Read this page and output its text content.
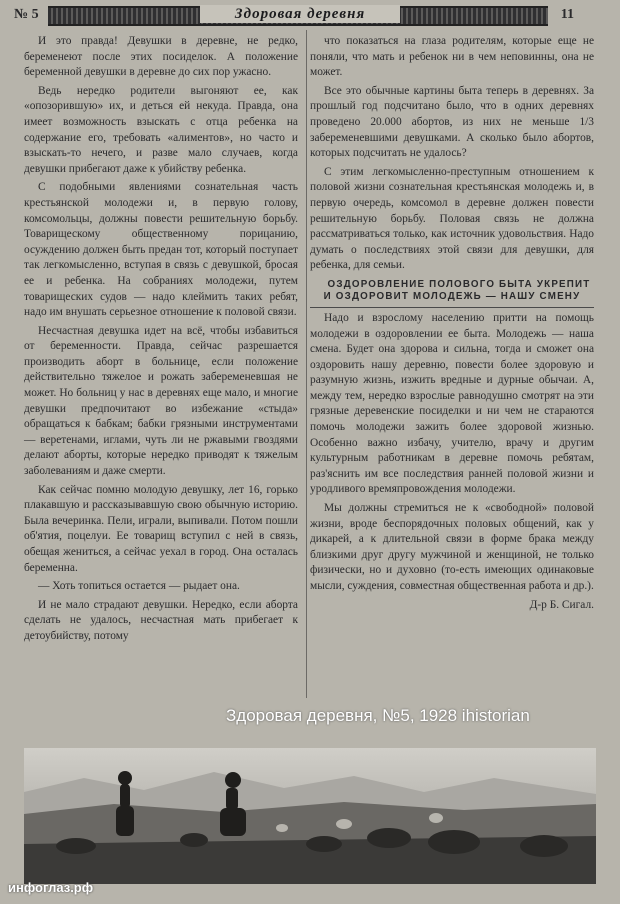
№ 5	Здоровая деревня	11

И это правда! Девушки в деревне, не редко, беременеют после этих посиделок. А положение беременной девушки в деревне до сих пор ужасно.

Ведь нередко родители выгоняют ее, как «опозорившую» их, и деться ей некуда. Правда, она имеет возможность взыскать с отца ребенка на содержание его, требовать «алиментов», но часто и взыскать-то нечего, и разве мало случаев, когда девушки прибегают даже к убийству ребенка.

С подобными явлениями сознательная часть крестьянской молодежи и, в первую голову, комсомольцы, должны повести решительную борьбу. Товарищескому общественному порицанию, осуждению должен быть предан тот, который поступает так легкомысленно, вступая в связь с девушкой, бросая ее и ребенка. На собраниях молодежи, путем товарищеских судов — надо клеймить таких ребят, надо им внушать серьезное отношение к половой связи.

Несчастная девушка идет на всё, чтобы избавиться от беременности. Правда, сейчас разрешается производить аборт в больнице, если положение действительно тяжелое и рожать забеременевшая не может. Но больниц у нас в деревнях еще мало, и многие девушки предпочитают во избежание «стыда» обращаться к бабкам; бабки грязными инструментами — веретенами, иглами, чуть ли не ржавыми гвоздями делают аборты, которые нередко приводят к тяжелым заболеваниям и даже смерти.

Как сейчас помню молодую девушку, лет 16, горько плакавшую и рассказывавшую свою обычную историю. Была вечеринка. Пели, играли, выпивали. Потом пошли об'ятия, поцелуи. Ее товарищ вступил с ней в связь, обещая жениться, а сейчас уехал в город. Она осталась беременна.

— Хоть топиться остается — рыдает она.

И не мало страдают девушки. Нередко, если аборта сделать не удалось, несчастная мать прибегает к детоубийству, потому

что показаться на глаза родителям, которые еще не поняли, что мать и ребенок ни в чем неповинны, она не может.

Все это обычные картины быта теперь в деревнях. За прошлый год подсчитано было, что в одних деревнях проведено 20.000 абортов, из них не меньше 1/3 забеременевшими девушками. А сколько было абортов, которых подсчитать не удалось?

С этим легкомысленно-преступным отношением к половой жизни сознательная крестьянская молодежь и, в первую очередь, комсомол в деревне должен повести решительную борьбу. Половая связь не должна рассматриваться только, как источник удовольствия. Надо думать о последствиях этой связи для девушки, для ребенка, для семьи.

ОЗДОРОВЛЕНИЕ ПОЛОВОГО БЫТА УКРЕПИТ И ОЗДОРОВИТ МОЛОДЕЖЬ — НАШУ СМЕНУ

Надо и взрослому населению притти на помощь молодежи в оздоровлении ее быта. Молодежь — наша смена. Будет она здорова и сильна, тогда и сможет она оздоровить нашу деревню, повести более здоровую и разумную жизнь, изжить вредные и дурные обычаи. А, между тем, нередко взрослые равнодушно смотрят на эти грязные деревенские посиделки и ни чем не стараются помочь молодежи зажить более здоровой жизнью. Особенно важно избачу, учителю, врачу и другим культурным работникам в деревне помочь ребятам, раз'яснить им все последствия ранней половой жизни и уродливого времяпровождения молодежи.

Мы должны стремиться не к «свободной» половой жизни, вроде беспорядочных половых общений, как у дикарей, а к длительной связи в форме брака между близкими друг другу мужчиной и женщиной, не только физически, но и духовно (то-есть имеющих одинаковые мысли, суждения, совместная общественная работа и др.).

Д-р Б. Сигал.

Здоровая деревня, №5, 1928 ihistorian
инфоглаз.рф
